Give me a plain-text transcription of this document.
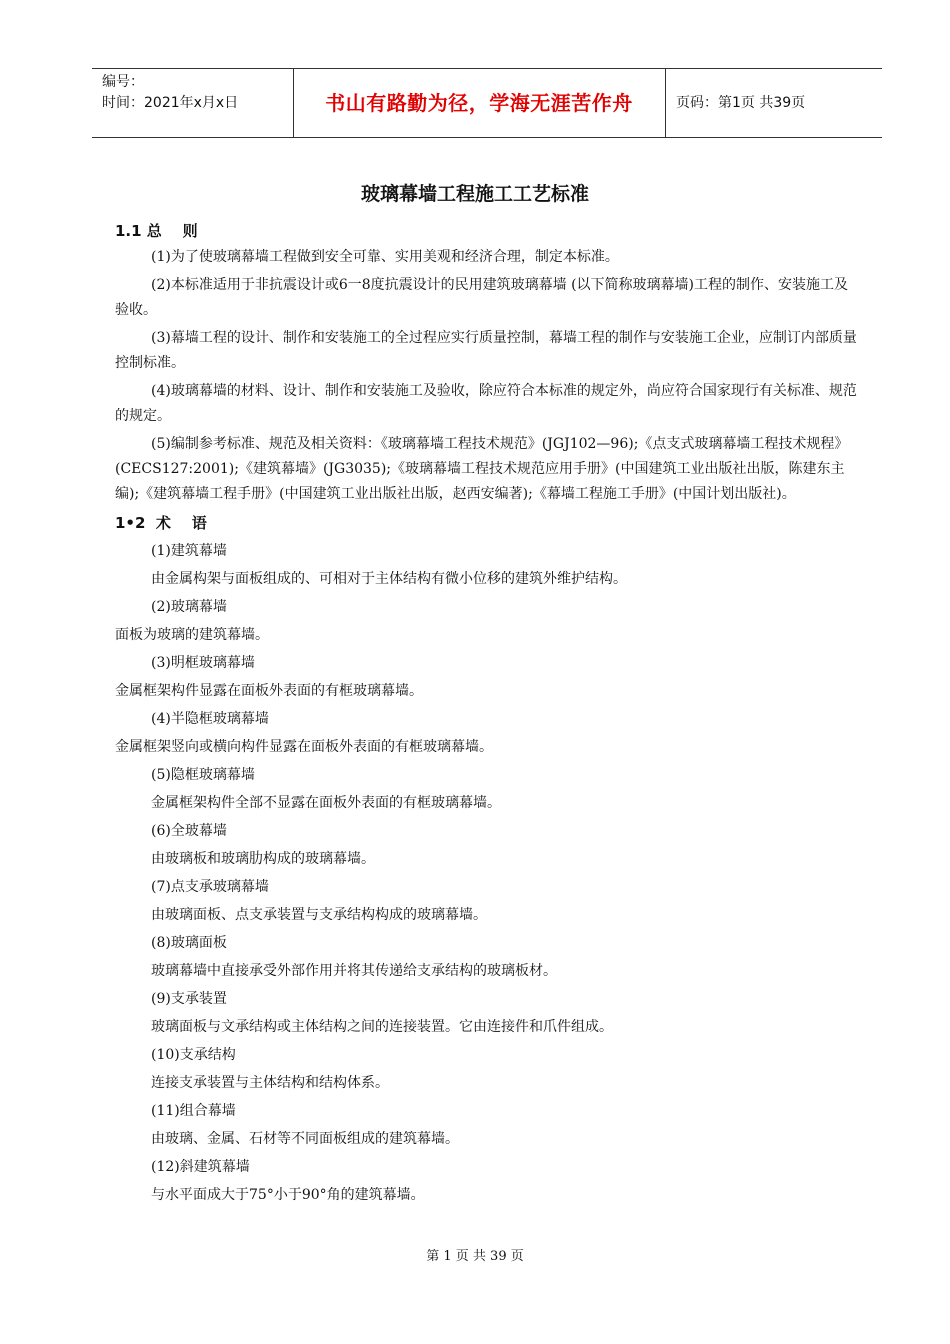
编号：
时间：2021年x月x日	书山有路勤为径，学海无涯苦作舟	页码：第1页 共39页
玻璃幕墙工程施工工艺标准

1.1 总    则

(1)为了使玻璃幕墙工程做到安全可靠、实用美观和经济合理，制定本标准。

(2)本标准适用于非抗震设计或6一8度抗震设计的民用建筑玻璃幕墙 (以下简称玻璃幕墙)工程的制作、安装施工及验收。

(3)幕墙工程的设计、制作和安装施工的全过程应实行质量控制，幕墙工程的制作与安装施工企业，应制订内部质量控制标准。

(4)玻璃幕墙的材料、设计、制作和安装施工及验收，除应符合本标准的规定外，尚应符合国家现行有关标准、规范的规定。

(5)编制参考标准、规范及相关资料：《玻璃幕墙工程技术规范》(JGJ102—96);《点支式玻璃幕墙工程技术规程》(CECS127:2001);《建筑幕墙》(JG3035);《玻璃幕墙工程技术规范应用手册》(中国建筑工业出版社出版，陈建东主编);《建筑幕墙工程手册》(中国建筑工业出版社出版，赵西安编著);《幕墙工程施工手册》(中国计划出版社)。

1•2  术    语

(1)建筑幕墙

由金属构架与面板组成的、可相对于主体结构有微小位移的建筑外维护结构。

(2)玻璃幕墙

面板为玻璃的建筑幕墙。

(3)明框玻璃幕墙

金属框架构件显露在面板外表面的有框玻璃幕墙。

(4)半隐框玻璃幕墙

金属框架竖向或横向构件显露在面板外表面的有框玻璃幕墙。

(5)隐框玻璃幕墙

金属框架构件全部不显露在面板外表面的有框玻璃幕墙。

(6)全玻幕墙

由玻璃板和玻璃肋构成的玻璃幕墙。

(7)点支承玻璃幕墙

由玻璃面板、点支承装置与支承结构构成的玻璃幕墙。

(8)玻璃面板

玻璃幕墙中直接承受外部作用并将其传递给支承结构的玻璃板材。

(9)支承装置

玻璃面板与文承结构或主体结构之间的连接装置。它由连接件和爪件组成。

(10)支承结构

连接支承装置与主体结构和结构体系。

(11)组合幕墙

由玻璃、金属、石材等不同面板组成的建筑幕墙。

(12)斜建筑幕墙

与水平面成大于75°小于90°角的建筑幕墙。

第 1 页 共 39 页
